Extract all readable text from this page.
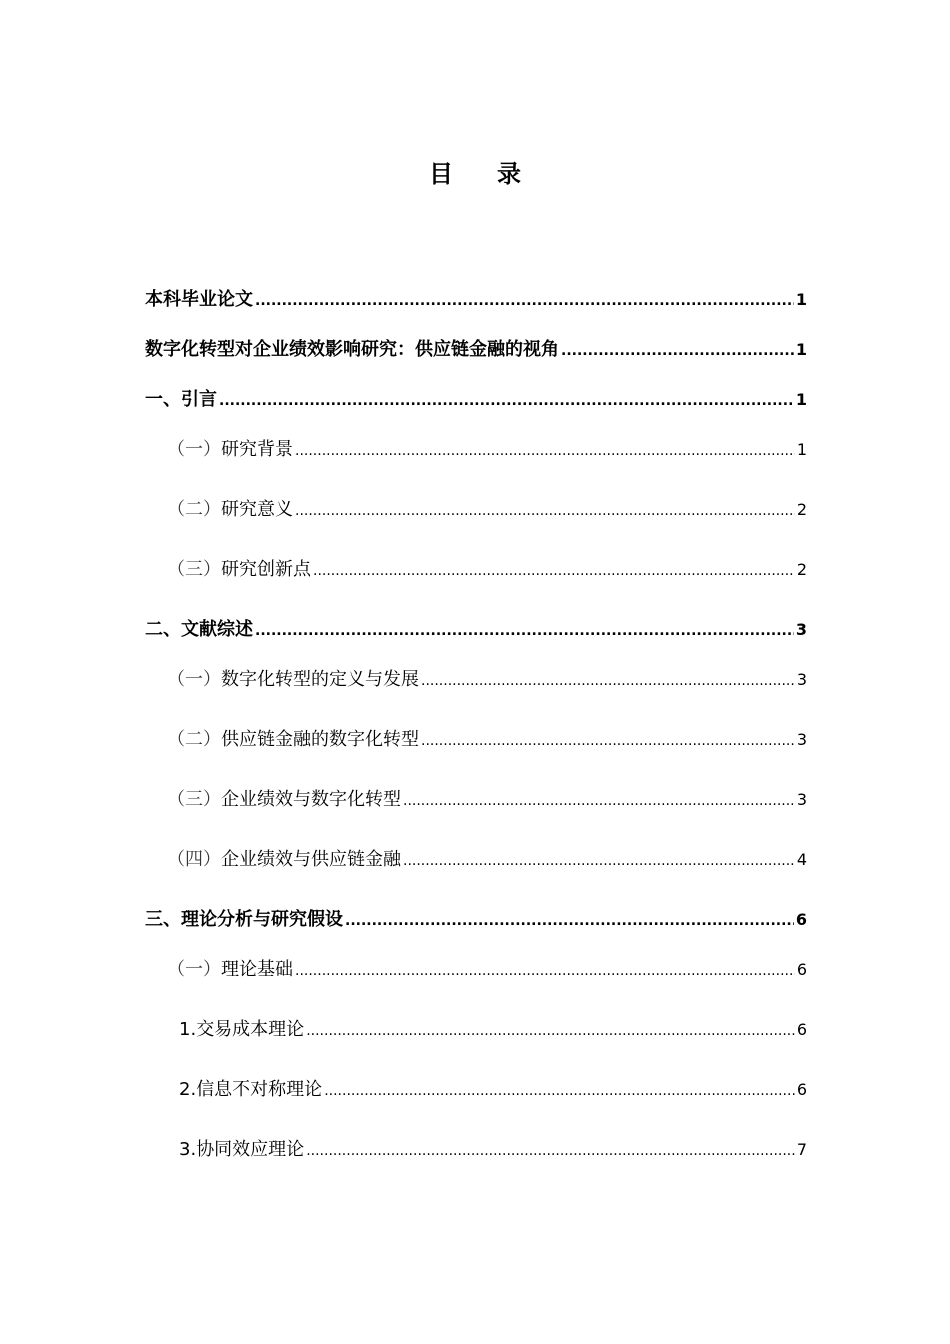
目 录
本科毕业论文 .....	1
数字化转型对企业绩效影响研究：供应链金融的视角 .....	1
一、引言 .....	1
（一） 研究背景 .....	1
（二） 研究意义 .....	2
（三） 研究创新点 .....	2
二、文献综述 .....	3
（一） 数字化转型的定义与发展 .....	3
（二） 供应链金融的数字化转型 .....	3
（三） 企业绩效与数字化转型 .....	3
（四） 企业绩效与供应链金融 .....	4
三、理论分析与研究假设 .....	6
（一） 理论基础 .....	6
1. 交易成本理论 .....	6
2. 信息不对称理论 .....	6
3. 协同效应理论 .....	7
